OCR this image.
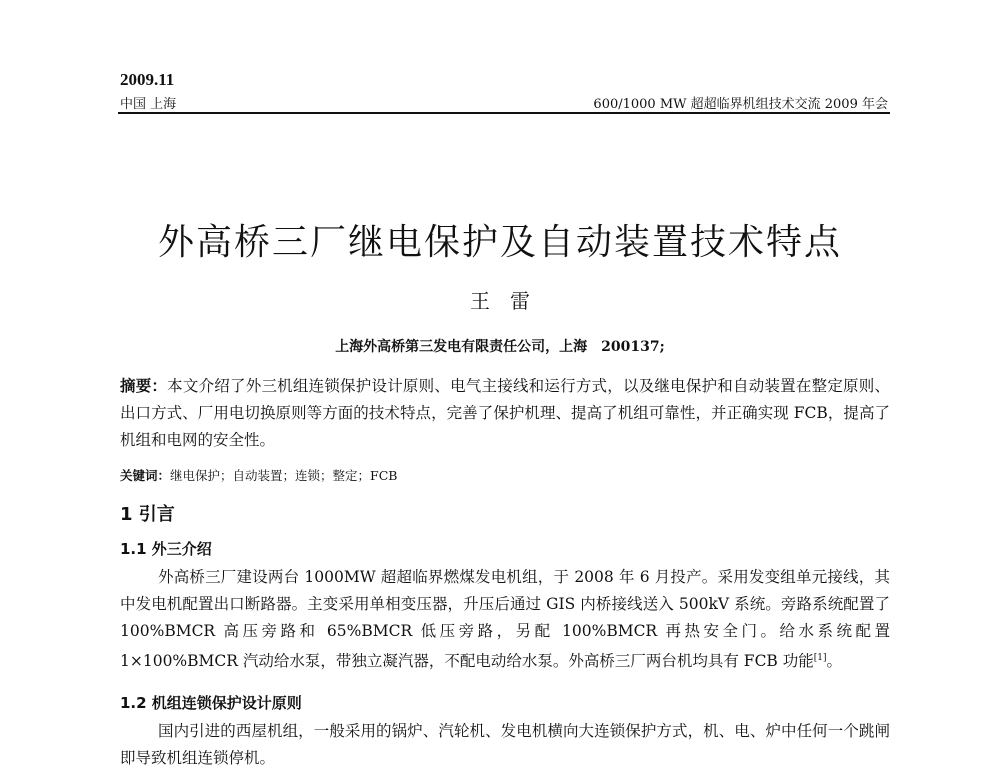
2009.11
中国 上海	600/1000 MW 超超临界机组技术交流 2009 年会
外高桥三厂继电保护及自动装置技术特点
王　雷
上海外高桥第三发电有限责任公司，上海　200137;
摘要：本文介绍了外三机组连锁保护设计原则、电气主接线和运行方式，以及继电保护和自动装置在整定原则、出口方式、厂用电切换原则等方面的技术特点，完善了保护机理、提高了机组可靠性，并正确实现 FCB，提高了机组和电网的安全性。
关键词：继电保护；自动装置；连锁；整定；FCB
1 引言
1.1 外三介绍
外高桥三厂建设两台 1000MW 超超临界燃煤发电机组，于 2008 年 6 月投产。采用发变组单元接线，其中发电机配置出口断路器。主变采用单相变压器，升压后通过 GIS 内桥接线送入 500kV 系统。旁路系统配置了 100%BMCR 高压旁路和 65%BMCR 低压旁路，另配 100%BMCR 再热安全门。给水系统配置 1×100%BMCR 汽动给水泵，带独立凝汽器，不配电动给水泵。外高桥三厂两台机均具有 FCB 功能[1]。
1.2 机组连锁保护设计原则
国内引进的西屋机组，一般采用的锅炉、汽轮机、发电机横向大连锁保护方式，机、电、炉中任何一个跳闸即导致机组连锁停机。
